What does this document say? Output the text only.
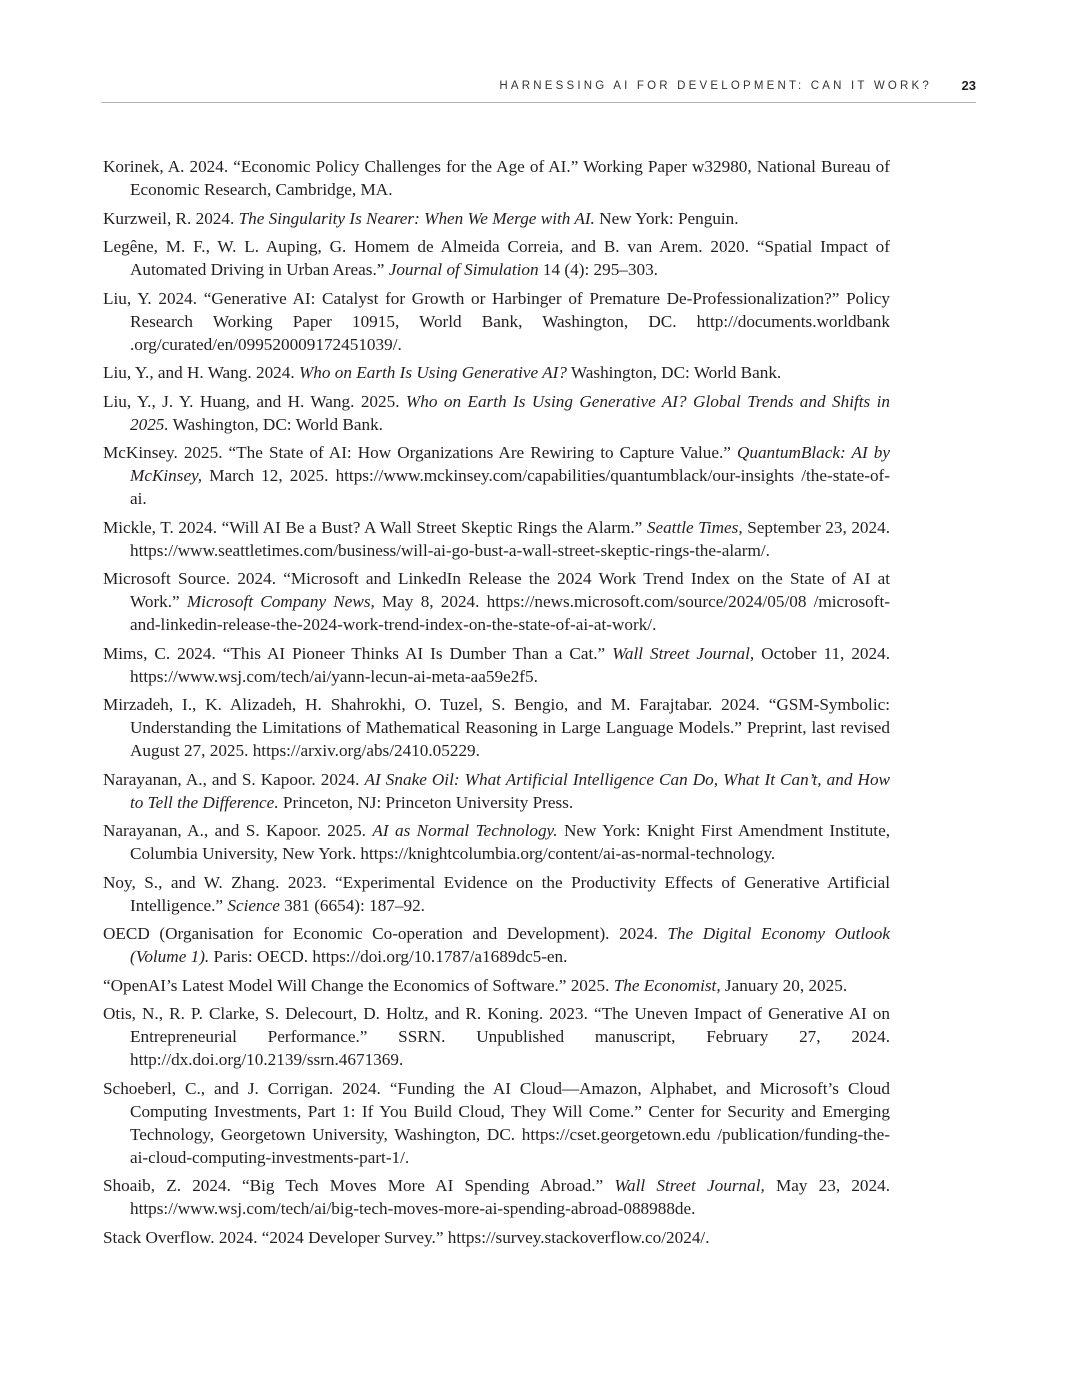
HARNESSING AI FOR DEVELOPMENT: CAN IT WORK? 23
Korinek, A. 2024. “Economic Policy Challenges for the Age of AI.” Working Paper w32980, National Bureau of Economic Research, Cambridge, MA.
Kurzweil, R. 2024. The Singularity Is Nearer: When We Merge with AI. New York: Penguin.
Legêne, M. F., W. L. Auping, G. Homem de Almeida Correia, and B. van Arem. 2020. “Spatial Impact of Automated Driving in Urban Areas.” Journal of Simulation 14 (4): 295–303.
Liu, Y. 2024. “Generative AI: Catalyst for Growth or Harbinger of Premature De-Professionalization?” Policy Research Working Paper 10915, World Bank, Washington, DC. http://documents.worldbank .org/curated/en/099520009172451039/.
Liu, Y., and H. Wang. 2024. Who on Earth Is Using Generative AI? Washington, DC: World Bank.
Liu, Y., J. Y. Huang, and H. Wang. 2025. Who on Earth Is Using Generative AI? Global Trends and Shifts in 2025. Washington, DC: World Bank.
McKinsey. 2025. “The State of AI: How Organizations Are Rewiring to Capture Value.” QuantumBlack: AI by McKinsey, March 12, 2025. https://www.mckinsey.com/capabilities/quantumblack/our-insights /the-state-of-ai.
Mickle, T. 2024. “Will AI Be a Bust? A Wall Street Skeptic Rings the Alarm.” Seattle Times, September 23, 2024. https://www.seattletimes.com/business/will-ai-go-bust-a-wall-street-skeptic-rings-the-alarm/.
Microsoft Source. 2024. “Microsoft and LinkedIn Release the 2024 Work Trend Index on the State of AI at Work.” Microsoft Company News, May 8, 2024. https://news.microsoft.com/source/2024/05/08 /microsoft-and-linkedin-release-the-2024-work-trend-index-on-the-state-of-ai-at-work/.
Mims, C. 2024. “This AI Pioneer Thinks AI Is Dumber Than a Cat.” Wall Street Journal, October 11, 2024. https://www.wsj.com/tech/ai/yann-lecun-ai-meta-aa59e2f5.
Mirzadeh, I., K. Alizadeh, H. Shahrokhi, O. Tuzel, S. Bengio, and M. Farajtabar. 2024. “GSM-Symbolic: Understanding the Limitations of Mathematical Reasoning in Large Language Models.” Preprint, last revised August 27, 2025. https://arxiv.org/abs/2410.05229.
Narayanan, A., and S. Kapoor. 2024. AI Snake Oil: What Artificial Intelligence Can Do, What It Can’t, and How to Tell the Difference. Princeton, NJ: Princeton University Press.
Narayanan, A., and S. Kapoor. 2025. AI as Normal Technology. New York: Knight First Amendment Institute, Columbia University, New York. https://knightcolumbia.org/content/ai-as-normal-technology.
Noy, S., and W. Zhang. 2023. “Experimental Evidence on the Productivity Effects of Generative Artificial Intelligence.” Science 381 (6654): 187–92.
OECD (Organisation for Economic Co-operation and Development). 2024. The Digital Economy Outlook (Volume 1). Paris: OECD. https://doi.org/10.1787/a1689dc5-en.
“OpenAI’s Latest Model Will Change the Economics of Software.” 2025. The Economist, January 20, 2025.
Otis, N., R. P. Clarke, S. Delecourt, D. Holtz, and R. Koning. 2023. “The Uneven Impact of Generative AI on Entrepreneurial Performance.” SSRN. Unpublished manuscript, February 27, 2024. http://dx.doi.org/10.2139/ssrn.4671369.
Schoeberl, C., and J. Corrigan. 2024. “Funding the AI Cloud—Amazon, Alphabet, and Microsoft’s Cloud Computing Investments, Part 1: If You Build Cloud, They Will Come.” Center for Security and Emerging Technology, Georgetown University, Washington, DC. https://cset.georgetown.edu /publication/funding-the-ai-cloud-computing-investments-part-1/.
Shoaib, Z. 2024. “Big Tech Moves More AI Spending Abroad.” Wall Street Journal, May 23, 2024. https://www.wsj.com/tech/ai/big-tech-moves-more-ai-spending-abroad-088988de.
Stack Overflow. 2024. “2024 Developer Survey.” https://survey.stackoverflow.co/2024/.
